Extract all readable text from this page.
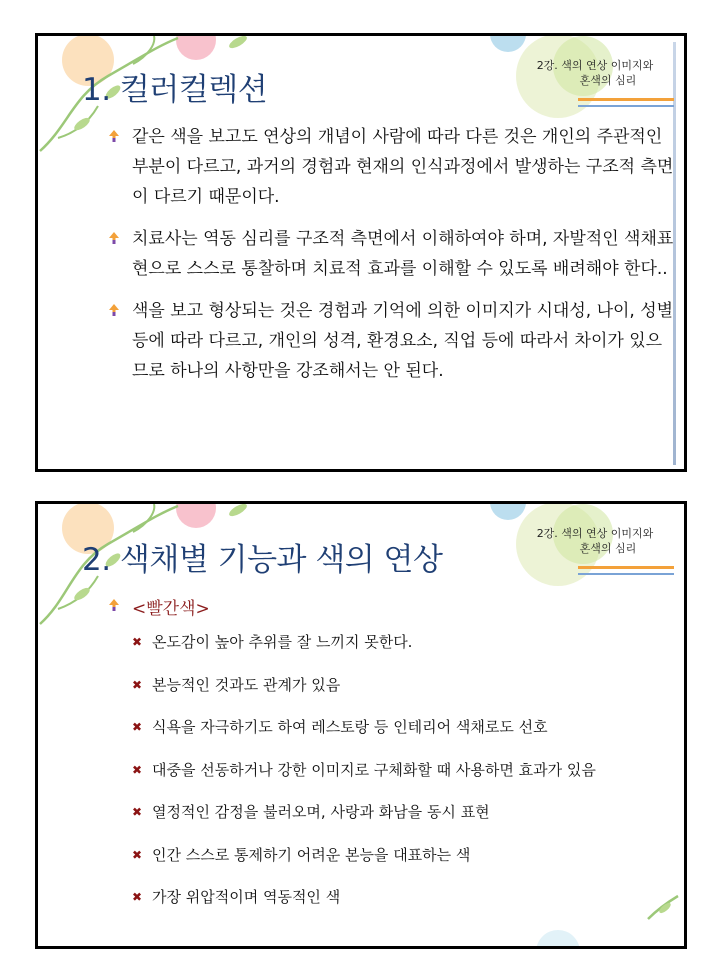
2강. 색의 연상 이미지와
혼색의 심리
1. 컬러컬렉션
같은 색을 보고도 연상의 개념이 사람에 따라 다른 것은 개인의 주관적인 부분이 다르고, 과거의 경험과 현재의 인식과정에서 발생하는 구조적 측면이 다르기 때문이다.
치료사는 역동 심리를 구조적 측면에서 이해하여야 하며, 자발적인 색채표현으로 스스로 통찰하며 치료적 효과를 이해할 수 있도록 배려해야 한다..
색을 보고 형상되는 것은 경험과 기억에 의한 이미지가 시대성, 나이, 성별 등에 따라 다르고, 개인의 성격, 환경요소, 직업 등에 따라서 차이가 있으므로 하나의 사항만을 강조해서는 안 된다.
2강. 색의 연상 이미지와
혼색의 심리
2. 색채별 기능과 색의 연상
<빨간색>
✖ 온도감이 높아 추위를 잘 느끼지 못한다.
✖ 본능적인 것과도 관계가 있음
✖ 식욕을 자극하기도 하여 레스토랑 등 인테리어 색채로도 선호
✖ 대중을 선동하거나 강한 이미지로 구체화할 때 사용하면 효과가 있음
✖ 열정적인 감정을 불러오며, 사랑과 화남을 동시 표현
✖ 인간 스스로 통제하기 어려운 본능을 대표하는 색
✖ 가장 위압적이며 역동적인 색
